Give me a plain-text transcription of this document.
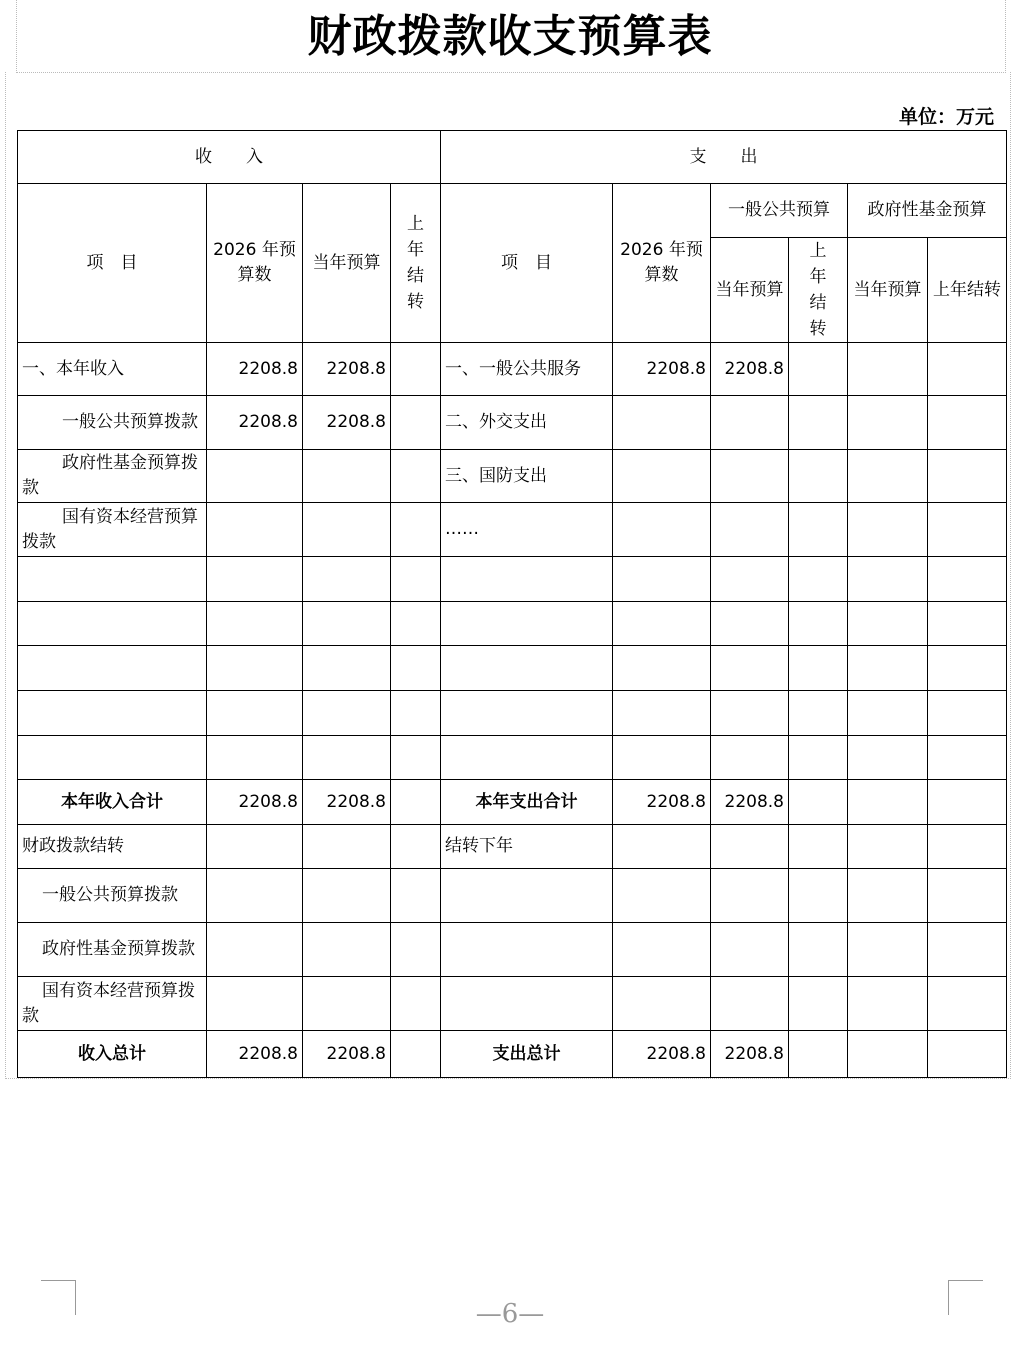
财政拨款收支预算表
单位：万元
收　　入				支　　出					
项　目	2026 年预算数	当年预算	上年结转	项　目	2026 年预算数	一般公共预算		政府性基金预算	
						当年预算	上年结转	当年预算	上年结转
一、本年收入	2208.8	2208.8		一、一般公共服务	2208.8	2208.8			
一般公共预算拨款	2208.8	2208.8		二、外交支出					
政府性基金预算拨款				三、国防支出					
国有资本经营预算拨款				……					

本年收入合计	2208.8	2208.8		本年支出合计	2208.8	2208.8			
财政拨款结转				结转下年					
一般公共预算拨款									
政府性基金预算拨款									
国有资本经营预算拨款									
收入总计	2208.8	2208.8		支出总计	2208.8	2208.8			
—6—
